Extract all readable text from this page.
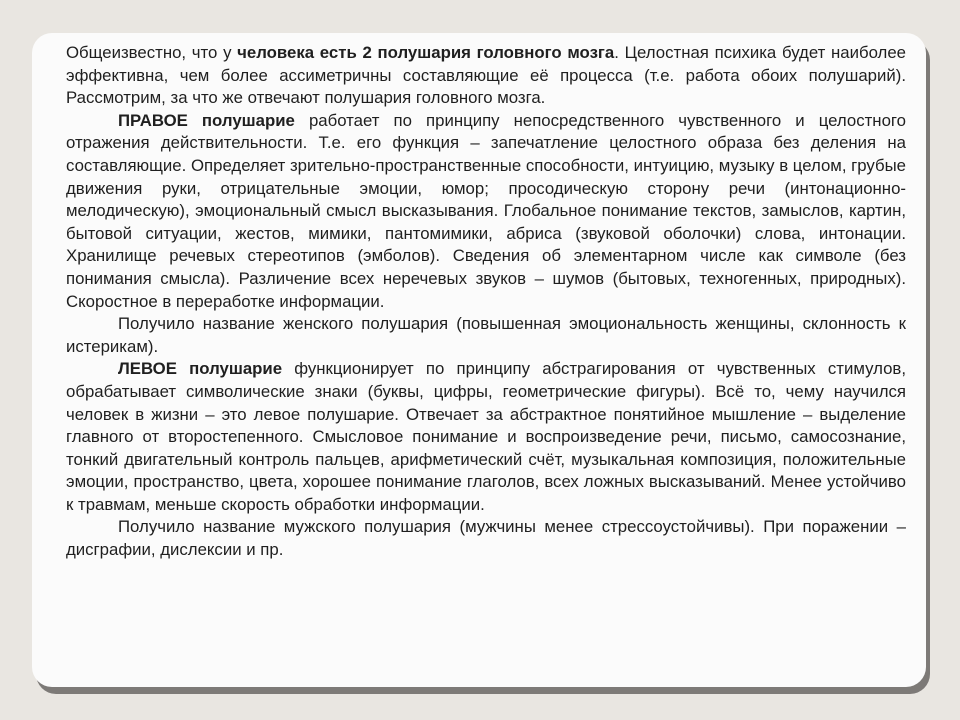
Общеизвестно, что у человека есть 2 полушария головного мозга. Целостная психика будет наиболее эффективна, чем более ассиметричны составляющие её процесса (т.е. работа обоих полушарий). Рассмотрим, за что же отвечают полушария головного мозга.

ПРАВОЕ полушарие работает по принципу непосредственного чувственного и целостного отражения действительности. Т.е. его функция – запечатление целостного образа без деления на составляющие. Определяет зрительно-пространственные способности, интуицию, музыку в целом, грубые движения руки, отрицательные эмоции, юмор; просодическую сторону речи (интонационно-мелодическую), эмоциональный смысл высказывания. Глобальное понимание текстов, замыслов, картин, бытовой ситуации, жестов, мимики, пантомимики, абриса (звуковой оболочки) слова, интонации. Хранилище речевых стереотипов (эмболов). Сведения об элементарном числе как символе (без понимания смысла). Различение всех неречевых звуков – шумов (бытовых, техногенных, природных). Скоростное в переработке информации.

Получило название женского полушария (повышенная эмоциональность женщины, склонность к истерикам).

ЛЕВОЕ полушарие функционирует по принципу абстрагирования от чувственных стимулов, обрабатывает символические знаки (буквы, цифры, геометрические фигуры). Всё то, чему научился человек в жизни – это левое полушарие. Отвечает за абстрактное понятийное мышление – выделение главного от второстепенного. Смысловое понимание и воспроизведение речи, письмо, самосознание, тонкий двигательный контроль пальцев, арифметический счёт, музыкальная композиция, положительные эмоции, пространство, цвета, хорошее понимание глаголов, всех ложных высказываний. Менее устойчиво к травмам, меньше скорость обработки информации.

Получило название мужского полушария (мужчины менее стрессоустойчивы). При поражении – дисграфии, дислексии и пр.
